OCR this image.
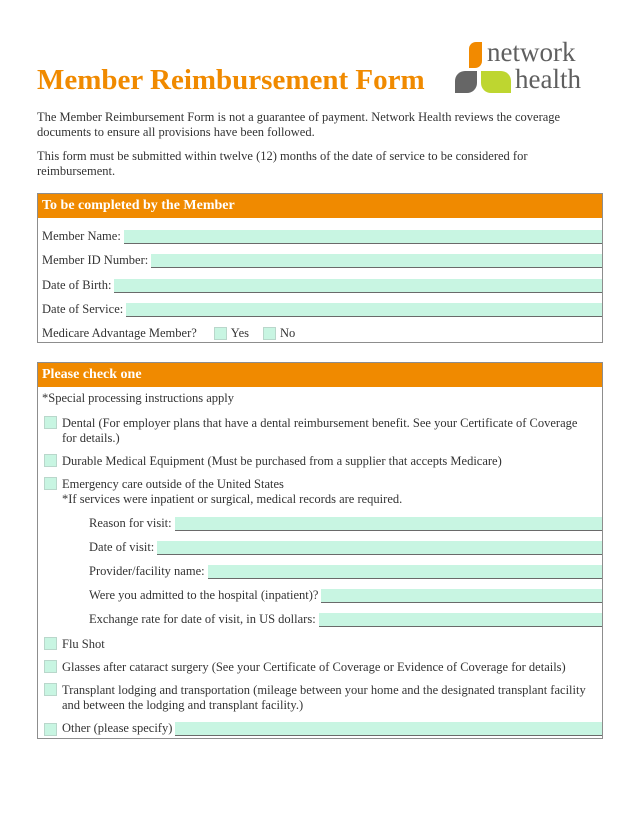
Member Reimbursement Form
network
health
The Member Reimbursement Form is not a guarantee of payment. Network Health reviews the coverage documents to ensure all provisions have been followed.
This form must be submitted within twelve (12) months of the date of service to be considered for reimbursement.
To be completed by the Member
Member Name:
Member ID Number:
Date of Birth:
Date of Service:
Medicare Advantage Member?	Yes No
Please check one
*Special processing instructions apply
Dental (For employer plans that have a dental reimbursement benefit. See your Certificate of Coverage for details.)
Durable Medical Equipment (Must be purchased from a supplier that accepts Medicare)
Emergency care outside of the United States
*If services were inpatient or surgical, medical records are required.
Reason for visit:
Date of visit:
Provider/facility name:
Were you admitted to the hospital (inpatient)?
Exchange rate for date of visit, in US dollars:
Flu Shot
Glasses after cataract surgery (See your Certificate of Coverage or Evidence of Coverage for details)
Transplant lodging and transportation (mileage between your home and the designated transplant facility and between the lodging and transplant facility.)
Other (please specify)
